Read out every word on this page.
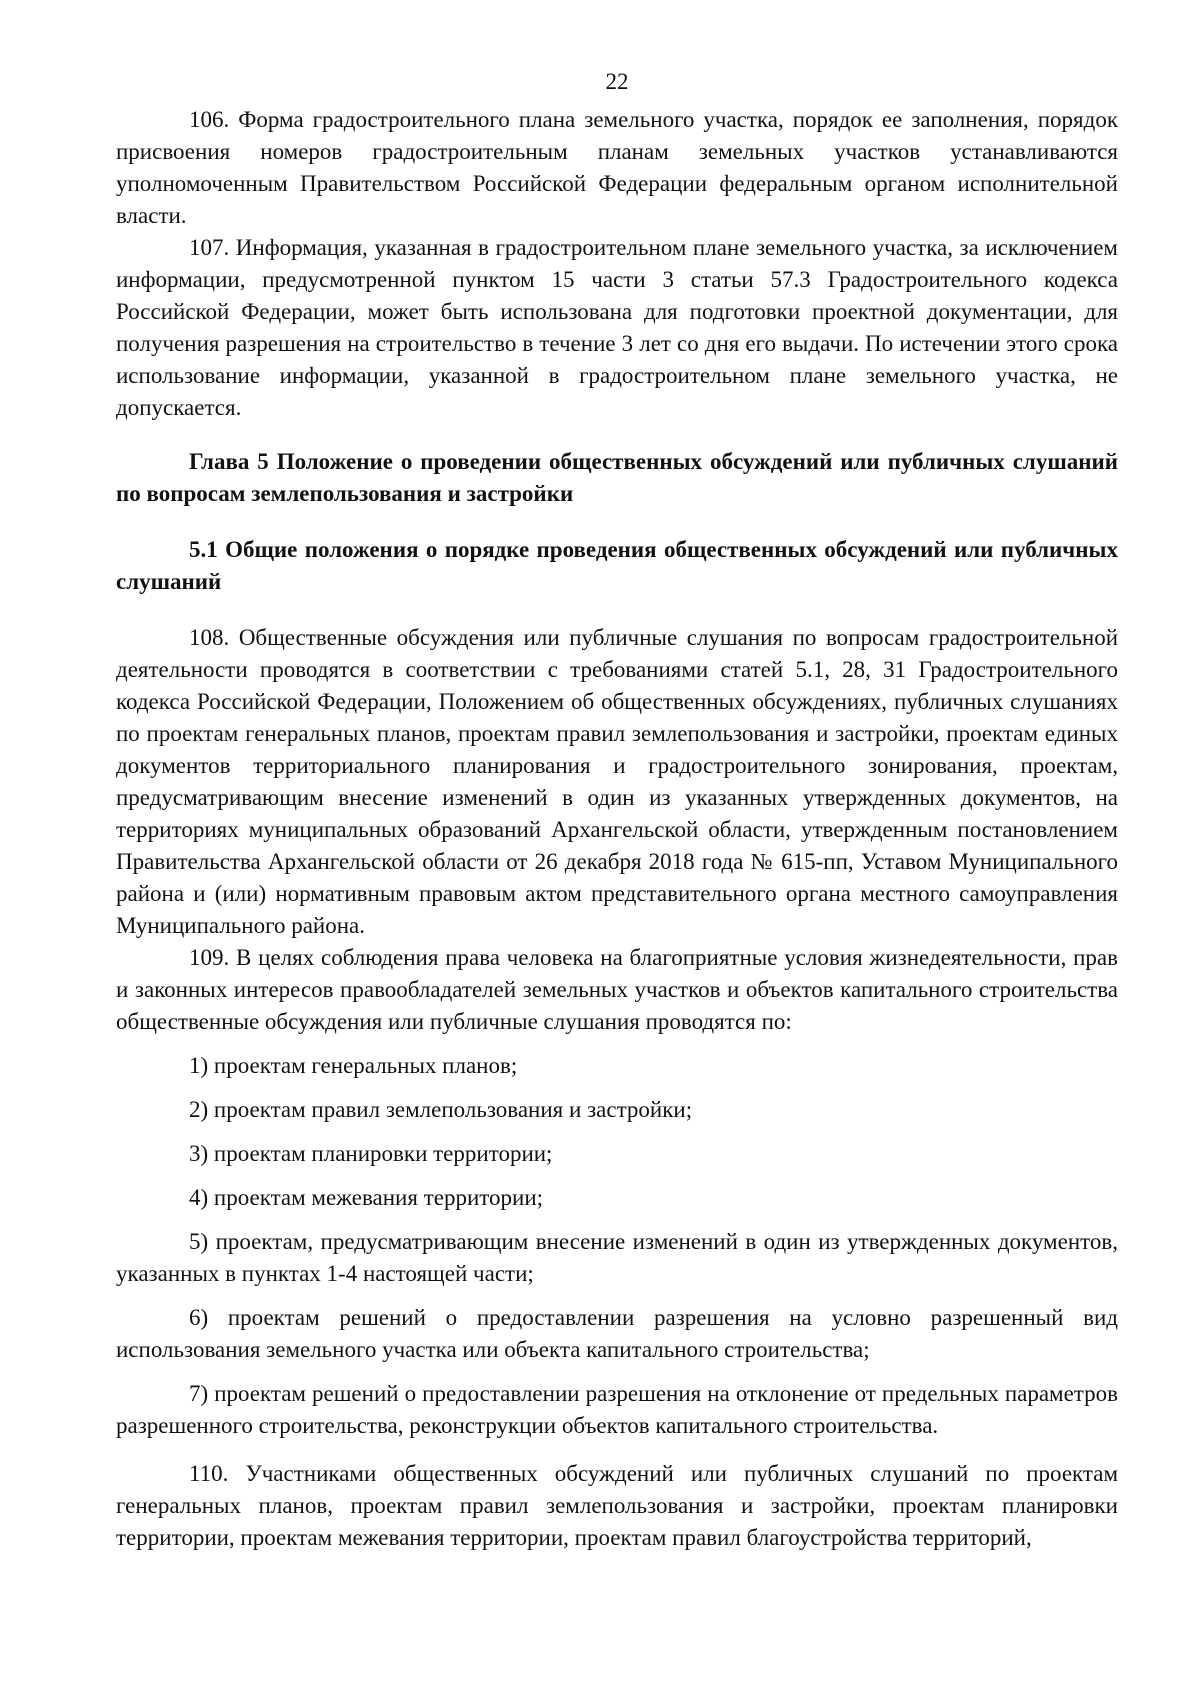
22

106. Форма градостроительного плана земельного участка, порядок ее заполнения, порядок присвоения номеров градостроительным планам земельных участков устанавливаются уполномоченным Правительством Российской Федерации федеральным органом исполнительной власти.

107. Информация, указанная в градостроительном плане земельного участка, за исключением информации, предусмотренной пунктом 15 части 3 статьи 57.3 Градостроительного кодекса Российской Федерации, может быть использована для подготовки проектной документации, для получения разрешения на строительство в течение 3 лет со дня его выдачи. По истечении этого срока использование информации, указанной в градостроительном плане земельного участка, не допускается.

Глава 5 Положение о проведении общественных обсуждений или публичных слушаний по вопросам землепользования и застройки

5.1 Общие положения о порядке проведения общественных обсуждений или публичных слушаний

108. Общественные обсуждения или публичные слушания по вопросам градостроительной деятельности проводятся в соответствии с требованиями статей 5.1, 28, 31 Градостроительного кодекса Российской Федерации, Положением об общественных обсуждениях, публичных слушаниях по проектам генеральных планов, проектам правил землепользования и застройки, проектам единых документов территориального планирования и градостроительного зонирования, проектам, предусматривающим внесение изменений в один из указанных утвержденных документов, на территориях муниципальных образований Архангельской области, утвержденным постановлением Правительства Архангельской области от 26 декабря 2018 года № 615-пп, Уставом Муниципального района и (или) нормативным правовым актом представительного органа местного самоуправления Муниципального района.

109. В целях соблюдения права человека на благоприятные условия жизнедеятельности, прав и законных интересов правообладателей земельных участков и объектов капитального строительства общественные обсуждения или публичные слушания проводятся по:

1) проектам генеральных планов;

2) проектам правил землепользования и застройки;

3) проектам планировки территории;

4) проектам межевания территории;

5) проектам, предусматривающим внесение изменений в один из утвержденных документов, указанных в пунктах 1-4 настоящей части;

6) проектам решений о предоставлении разрешения на условно разрешенный вид использования земельного участка или объекта капитального строительства;

7) проектам решений о предоставлении разрешения на отклонение от предельных параметров разрешенного строительства, реконструкции объектов капитального строительства.

110. Участниками общественных обсуждений или публичных слушаний по проектам генеральных планов, проектам правил землепользования и застройки, проектам планировки территории, проектам межевания территории, проектам правил благоустройства территорий,
